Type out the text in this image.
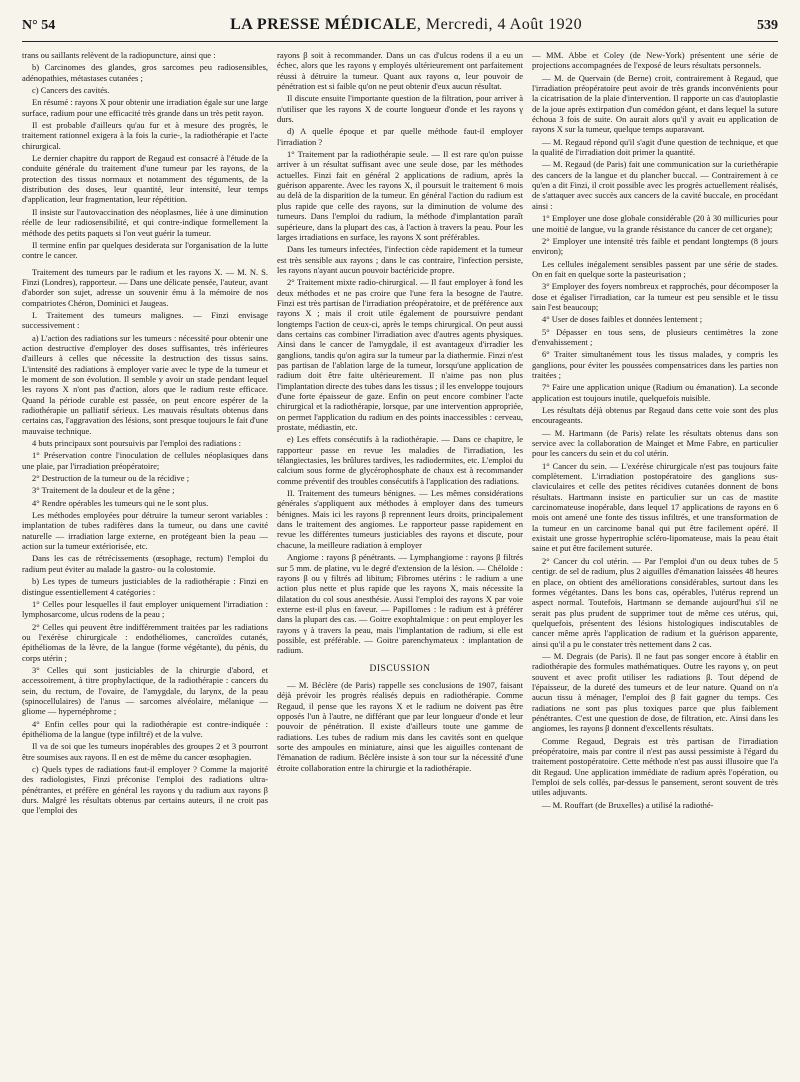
N° 54	LA PRESSE MÉDICALE, Mercredi, 4 Août 1920	539

trans ou saillants relèvent de la radiopuncture, ainsi que :

b) Carcinomes des glandes, gros sarcomes peu radiosensibles, adénopathies, métastases cutanées ;

c) Cancers des cavités.

En résumé : rayons X pour obtenir une irradiation égale sur une large surface, radium pour une efficacité très grande dans un très petit rayon.

Il est probable d'ailleurs qu'au fur et à mesure des progrès, le traitement rationnel exigera à la fois la curie-, la radiothérapie et l'acte chirurgical.

Le dernier chapitre du rapport de Regaud est consacré à l'étude de la conduite générale du traitement d'une tumeur par les rayons, de la protection des tissus normaux et notamment des téguments, de la distribution des doses, leur quantité, leur intensité, leur temps d'application, leur fragmentation, leur répétition.

Il insiste sur l'autovaccination des néoplasmes, liée à une diminution réelle de leur radiosensibilité, et qui contre-indique formellement la méthode des petits paquets si l'on veut guérir la tumeur.

Il termine enfin par quelques desiderata sur l'organisation de la lutte contre le cancer.

Traitement des tumeurs par le radium et les rayons X. — M. N. S. Finzi (Londres), rapporteur. — Dans une délicate pensée, l'auteur, avant d'aborder son sujet, adresse un souvenir ému à la mémoire de nos compatriotes Chéron, Dominici et Jaugeas.

I. Traitement des tumeurs malignes. — Finzi envisage successivement :

a) L'action des radiations sur les tumeurs : nécessité pour obtenir une action destructive d'employer des doses suffisantes, très inférieures d'ailleurs à celles que nécessite la destruction des tissus sains. L'intensité des radiations à employer varie avec le type de la tumeur et le moment de son évolution. Il semble y avoir un stade pendant lequel les rayons X n'ont pas d'action, alors que le radium reste efficace. Quand la période curable est passée, on peut encore espérer de la radiothérapie un palliatif sérieux. Les mauvais résultats obtenus dans certains cas, l'aggravation des lésions, sont presque toujours le fait d'une mauvaise technique.

4 buts principaux sont poursuivis par l'emploi des radiations :

1° Préservation contre l'inoculation de cellules néoplasiques dans une plaie, par l'irradiation préopératoire;

2° Destruction de la tumeur ou de la récidive ;

3° Traitement de la douleur et de la gêne ;

4° Rendre opérables les tumeurs qui ne le sont plus.

Les méthodes employées pour détruire la tumeur seront variables : implantation de tubes radifères dans la tumeur, ou dans une cavité naturelle — irradiation large externe, en protégeant bien la peau — action sur la tumeur extériorisée, etc.

Dans les cas de rétrécissements (œsophage, rectum) l'emploi du radium peut éviter au malade la gastro- ou la colostomie.

b) Les types de tumeurs justiciables de la radiothérapie : Finzi en distingue essentiellement 4 catégories :

1° Celles pour lesquelles il faut employer uniquement l'irradiation : lymphosarcome, ulcus rodens de la peau ;

2° Celles qui peuvent être indifféremment traitées par les radiations ou l'exérèse chirurgicale : endothéliomes, cancroïdes cutanés, épithéliomas de la lèvre, de la langue (forme végétante), du pénis, du corps utérin ;

3° Celles qui sont justiciables de la chirurgie d'abord, et accessoirement, à titre prophylactique, de la radiothérapie : cancers du sein, du rectum, de l'ovaire, de l'amygdale, du larynx, de la peau (spinocellulaires) de l'anus — sarcomes alvéolaire, mélanique — gliome — hypernéphrome ;

4° Enfin celles pour qui la radiothérapie est contre-indiquée : épithélioma de la langue (type infiltré) et de la vulve.

Il va de soi que les tumeurs inopérables des groupes 2 et 3 pourront être soumises aux rayons. Il en est de même du cancer œsophagien.

c) Quels types de radiations faut-il employer ? Comme la majorité des radiologistes, Finzi préconise l'emploi des radiations ultra-pénétrantes, et préfère en général les rayons γ du radium aux rayons β durs. Malgré les résultats obtenus par certains auteurs, il ne croit pas que l'emploi des

rayons β soit à recommander. Dans un cas d'ulcus rodens il a eu un échec, alors que les rayons γ employés ultérieurement ont parfaitement réussi à détruire la tumeur. Quant aux rayons α, leur pouvoir de pénétration est si faible qu'on ne peut obtenir d'eux aucun résultat.

Il discute ensuite l'importante question de la filtration, pour arriver à n'utiliser que les rayons X de courte longueur d'onde et les rayons γ durs.

d) A quelle époque et par quelle méthode faut-il employer l'irradiation ?

1° Traitement par la radiothérapie seule. — Il est rare qu'on puisse arriver à un résultat suffisant avec une seule dose, par les méthodes actuelles. Finzi fait en général 2 applications de radium, après la guérison apparente. Avec les rayons X, il poursuit le traitement 6 mois au delà de la disparition de la tumeur. En général l'action du radium est plus rapide que celle des rayons, sur la diminution de volume des tumeurs. Dans l'emploi du radium, la méthode d'implantation paraît supérieure, dans la plupart des cas, à l'action à travers la peau. Pour les larges irradiations en surface, les rayons X sont préférables.

Dans les tumeurs infectées, l'infection cède rapidement et la tumeur est très sensible aux rayons ; dans le cas contraire, l'infection persiste, les rayons n'ayant aucun pouvoir bactéricide propre.

2° Traitement mixte radio-chirurgical. — Il faut employer à fond les deux méthodes et ne pas croire que l'une fera la besogne de l'autre. Finzi est très partisan de l'irradiation préopératoire, et de préférence aux rayons X ; mais il croit utile également de poursuivre pendant longtemps l'action de ceux-ci, après le temps chirurgical. On peut aussi dans certains cas combiner l'irradiation avec d'autres agents physiques. Ainsi dans le cancer de l'amygdale, il est avantageux d'irradier les ganglions, tandis qu'on agira sur la tumeur par la diathermie. Finzi n'est pas partisan de l'ablation large de la tumeur, lorsqu'une application de radium doit être faite ultérieurement. Il n'aime pas non plus l'implantation directe des tubes dans les tissus ; il les enveloppe toujours d'une forte épaisseur de gaze. Enfin on peut encore combiner l'acte chirurgical et la radiothérapie, lorsque, par une intervention appropriée, on permet l'application du radium en des points inaccessibles : cerveau, prostate, médiastin, etc.

e) Les effets consécutifs à la radiothérapie. — Dans ce chapitre, le rapporteur passe en revue les maladies de l'irradiation, les télangiectasies, les brûlures tardives, les radiodermites, etc. L'emploi du calcium sous forme de glycérophosphate de chaux est à recommander comme préventif des troubles consécutifs à l'application des radiations.

II. Traitement des tumeurs bénignes. — Les mêmes considérations générales s'appliquent aux méthodes à employer dans des tumeurs bénignes. Mais ici les rayons β reprennent leurs droits, principalement dans le traitement des angiomes. Le rapporteur passe rapidement en revue les différentes tumeurs justiciables des rayons et discute, pour chacune, la meilleure radiation à employer

Angiome : rayons β pénétrants. — Lymphangiome : rayons β filtrés sur 5 mm. de platine, vu le degré d'extension de la lésion. — Chéloïde : rayons β ou γ filtrés ad libitum; Fibromes utérins : le radium a une action plus nette et plus rapide que les rayons X, mais nécessite la dilatation du col sous anesthésie. Aussi l'emploi des rayons X par voie externe est-il plus en faveur. — Papillomes : le radium est à préférer dans la plupart des cas. — Goitre exophtalmique : on peut employer les rayons γ à travers la peau, mais l'implantation de radium, si elle est possible, est préférable. — Goitre parenchymateux : implantation de radium.

DISCUSSION

— M. Béclère (de Paris) rappelle ses conclusions de 1907, faisant déjà prévoir les progrès réalisés depuis en radiothérapie. Comme Regaud, il pense que les rayons X et le radium ne doivent pas être opposés l'un à l'autre, ne différant que par leur longueur d'onde et leur pouvoir de pénétration. Il existe d'ailleurs toute une gamme de radiations. Les tubes de radium mis dans les cavités sont en quelque sorte des ampoules en miniature, ainsi que les aiguilles contenant de l'émanation de radium. Béclère insiste à son tour sur la nécessité d'une étroite collaboration entre la chirurgie et la radiothérapie.

— MM. Abbe et Coley (de New-York) présentent une série de projections accompagnées de l'exposé de leurs résultats personnels.

— M. de Quervain (de Berne) croit, contrairement à Regaud, que l'irradiation préopératoire peut avoir de très grands inconvénients pour la cicatrisation de la plaie d'intervention. Il rapporte un cas d'autoplastie de la joue après extirpation d'un comédon géant, et dans lequel la suture échoua 3 fois de suite. On aurait alors qu'il y avait eu application de rayons X sur la tumeur, quelque temps auparavant.

— M. Regaud répond qu'il s'agit d'une question de technique, et que la qualité de l'irradiation doit primer la quantité.

— M. Regaud (de Paris) fait une communication sur la curiethérapie des cancers de la langue et du plancher buccal. — Contrairement à ce qu'en a dit Finzi, il croit possible avec les progrès actuellement réalisés, de s'attaquer avec succès aux cancers de la cavité buccale, en procédant ainsi :

1° Employer une dose globale considérable (20 à 30 millicuries pour une moitié de langue, vu la grande résistance du cancer de cet organe);

2° Employer une intensité très faible et pendant longtemps (8 jours environ);

Les cellules inégalement sensibles passent par une série de stades. On en fait en quelque sorte la pasteurisation ;

3° Employer des foyers nombreux et rapprochés, pour décomposer la dose et égaliser l'irradiation, car la tumeur est peu sensible et le tissu sain l'est beaucoup;

4° User de doses faibles et données lentement ;

5° Dépasser en tous sens, de plusieurs centimètres la zone d'envahissement ;

6° Traiter simultanément tous les tissus malades, y compris les ganglions, pour éviter les poussées compensatrices dans les parties non traitées ;

7° Faire une application unique (Radium ou émanation). La seconde application est toujours inutile, quelquefois nuisible.

Les résultats déjà obtenus par Regaud dans cette voie sont des plus encourageants.

— M. Hartmann (de Paris) relate les résultats obtenus dans son service avec la collaboration de Mainget et Mme Fabre, en particulier pour les cancers du sein et du col utérin.

1° Cancer du sein. — L'exérèse chirurgicale n'est pas toujours faite complètement. L'irradiation postopératoire des ganglions sus-claviculaires et celle des petites récidives cutanées donnent de bons résultats. Hartmann insiste en particulier sur un cas de mastite carcinomateuse inopérable, dans lequel 17 applications de rayons en 6 mois ont amené une fonte des tissus infiltrés, et une transformation de la tumeur en un carcinome banal qui put être facilement opéré. Il existait une grosse hypertrophie scléro-lipomateuse, mais la peau était saine et put être facilement suturée.

2° Cancer du col utérin. — Par l'emploi d'un ou deux tubes de 5 centigr. de sel de radium, plus 2 aiguilles d'émanation laissées 48 heures en place, on obtient des améliorations considérables, surtout dans les formes végétantes. Dans les bons cas, opérables, l'utérus reprend un aspect normal. Toutefois, Hartmann se demande aujourd'hui s'il ne serait pas plus prudent de supprimer tout de même ces utérus, qui, quelquefois, présentent des lésions histologiques indiscutables de cancer même après l'application de radium et la guérison apparente, ainsi qu'il a pu le constater très nettement dans 2 cas.

— M. Degrais (de Paris). Il ne faut pas songer encore à établir en radiothérapie des formules mathématiques. Outre les rayons γ, on peut souvent et avec profit utiliser les radiations β. Tout dépend de l'épaisseur, de la dureté des tumeurs et de leur nature. Quand on n'a aucun tissu à ménager, l'emploi des β fait gagner du temps. Ces radiations ne sont pas plus toxiques parce que plus faiblement pénétrantes. C'est une question de dose, de filtration, etc. Ainsi dans les angiomes, les rayons β donnent d'excellents résultats.

Comme Regaud, Degrais est très partisan de l'irradiation préopératoire, mais par contre il n'est pas aussi pessimiste à l'égard du traitement postopératoire. Cette méthode n'est pas aussi illusoire que l'a dit Regaud. Une application immédiate de radium après l'opération, ou l'emploi de sels collés, par-dessus le pansement, seront souvent de très utiles adjuvants.

— M. Rouffart (de Bruxelles) a utilisé la radiothé-
